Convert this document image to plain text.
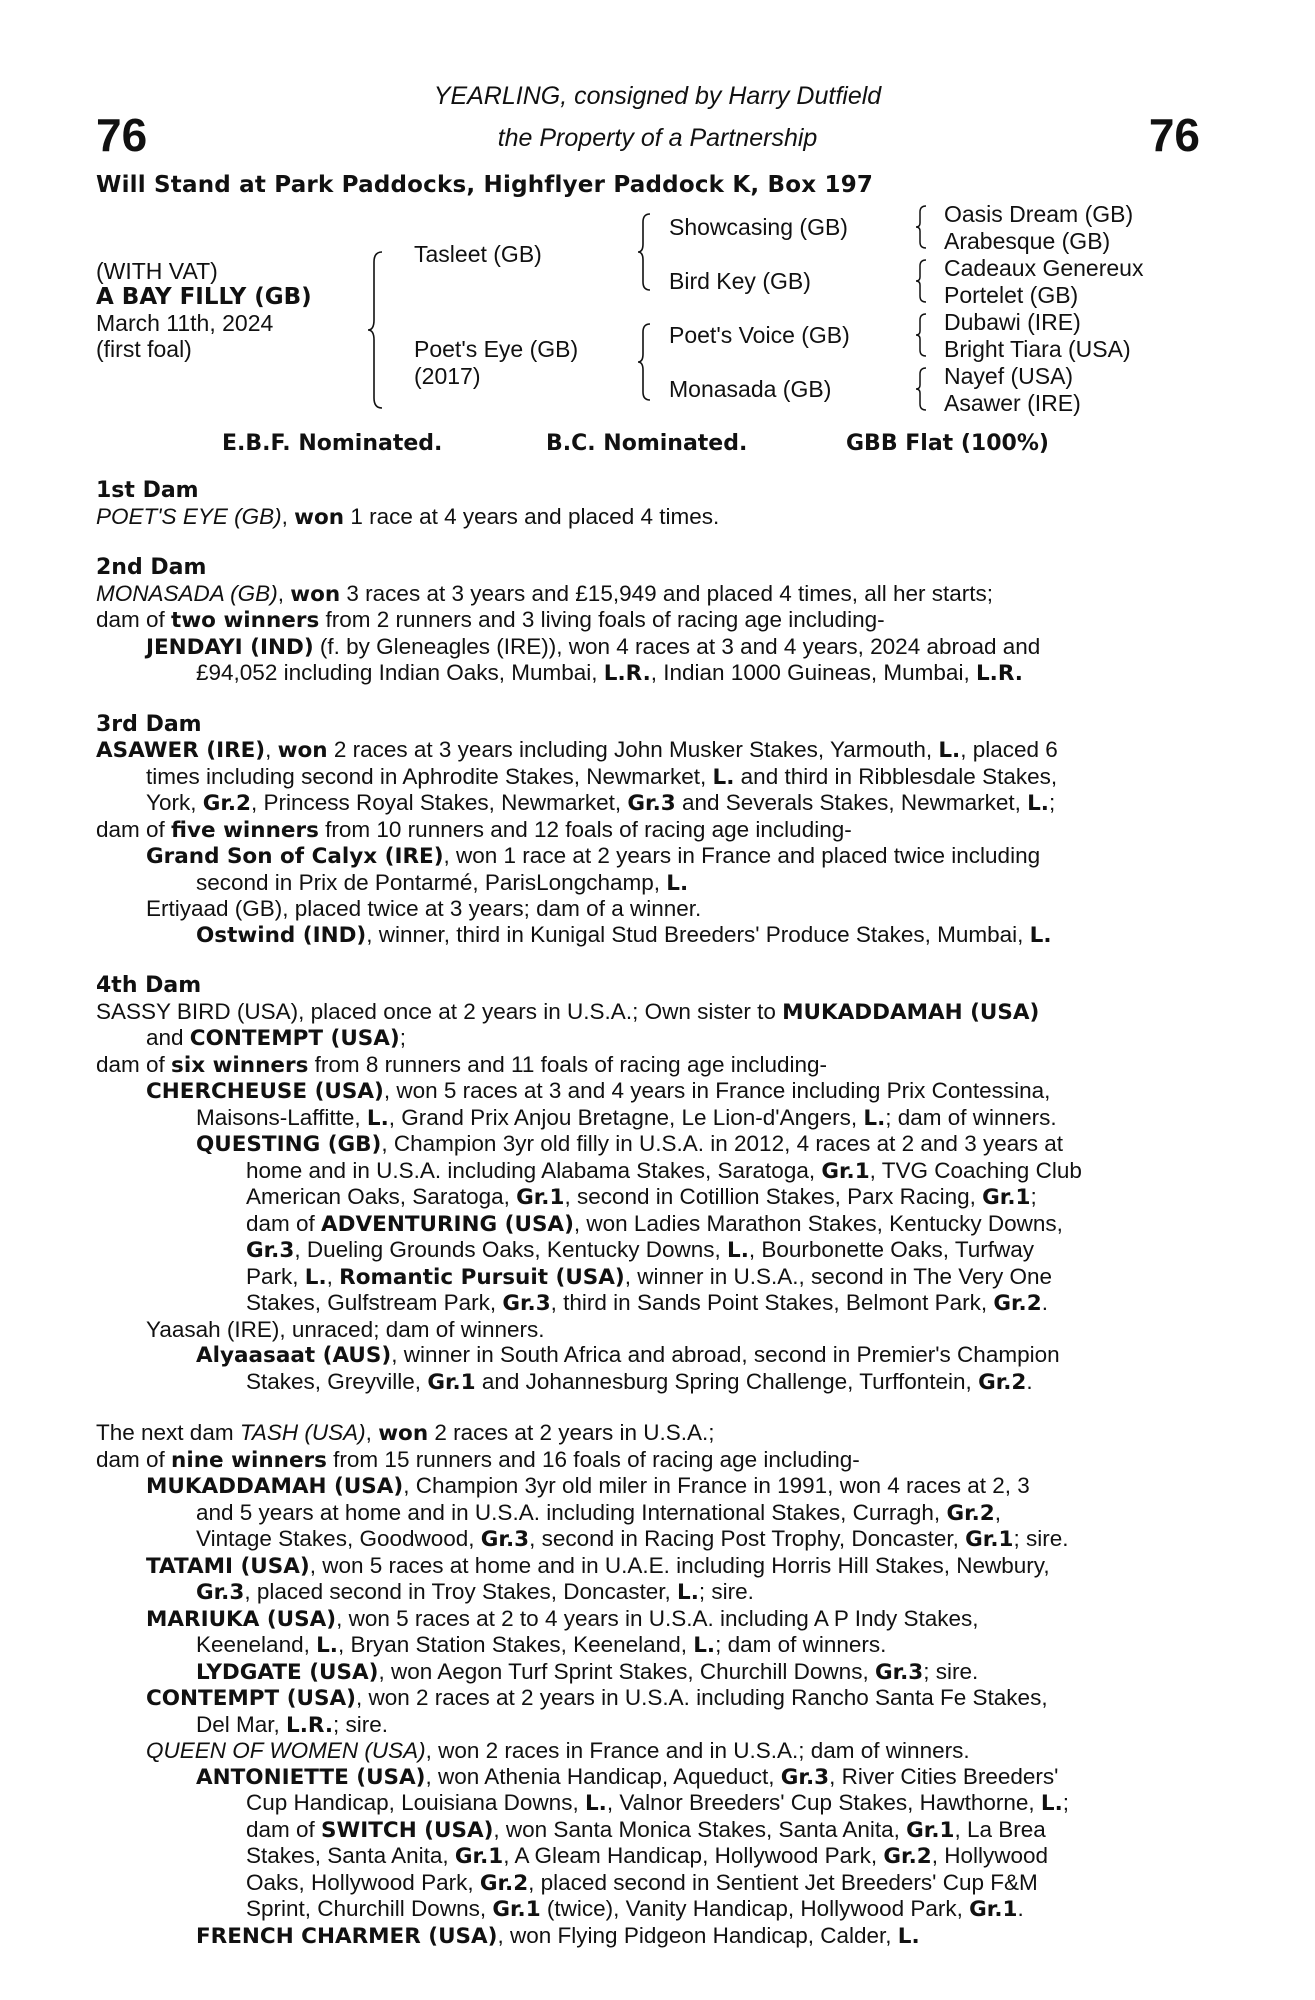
76	76
YEARLING, consigned by Harry Dutfield
the Property of a Partnership
Will Stand at Park Paddocks, Highflyer Paddock K, Box 197
(WITH VAT)
A BAY FILLY (GB)
March 11th, 2024
(first foal)
Tasleet (GB)
Poet's Eye (GB)
(2017)
Showcasing (GB)
Bird Key (GB)
Poet's Voice (GB)
Monasada (GB)
Oasis Dream (GB)
Arabesque (GB)
Cadeaux Genereux
Portelet (GB)
Dubawi (IRE)
Bright Tiara (USA)
Nayef (USA)
Asawer (IRE)
E.B.F. Nominated.	B.C. Nominated.	GBB Flat (100%)
1st Dam
POET'S EYE (GB), won 1 race at 4 years and placed 4 times.
2nd Dam
MONASADA (GB), won 3 races at 3 years and £15,949 and placed 4 times, all her starts;
dam of two winners from 2 runners and 3 living foals of racing age including-
JENDAYI (IND) (f. by Gleneagles (IRE)), won 4 races at 3 and 4 years, 2024 abroad and
£94,052 including Indian Oaks, Mumbai, L.R., Indian 1000 Guineas, Mumbai, L.R.
3rd Dam
ASAWER (IRE), won 2 races at 3 years including John Musker Stakes, Yarmouth, L., placed 6
times including second in Aphrodite Stakes, Newmarket, L. and third in Ribblesdale Stakes,
York, Gr.2, Princess Royal Stakes, Newmarket, Gr.3 and Severals Stakes, Newmarket, L.;
dam of five winners from 10 runners and 12 foals of racing age including-
Grand Son of Calyx (IRE), won 1 race at 2 years in France and placed twice including
second in Prix de Pontarmé, ParisLongchamp, L.
Ertiyaad (GB), placed twice at 3 years; dam of a winner.
Ostwind (IND), winner, third in Kunigal Stud Breeders' Produce Stakes, Mumbai, L.
4th Dam
SASSY BIRD (USA), placed once at 2 years in U.S.A.; Own sister to MUKADDAMAH (USA)
and CONTEMPT (USA);
dam of six winners from 8 runners and 11 foals of racing age including-
CHERCHEUSE (USA), won 5 races at 3 and 4 years in France including Prix Contessina,
Maisons-Laffitte, L., Grand Prix Anjou Bretagne, Le Lion-d'Angers, L.; dam of winners.
QUESTING (GB), Champion 3yr old filly in U.S.A. in 2012, 4 races at 2 and 3 years at
home and in U.S.A. including Alabama Stakes, Saratoga, Gr.1, TVG Coaching Club
American Oaks, Saratoga, Gr.1, second in Cotillion Stakes, Parx Racing, Gr.1;
dam of ADVENTURING (USA), won Ladies Marathon Stakes, Kentucky Downs,
Gr.3, Dueling Grounds Oaks, Kentucky Downs, L., Bourbonette Oaks, Turfway
Park, L., Romantic Pursuit (USA), winner in U.S.A., second in The Very One
Stakes, Gulfstream Park, Gr.3, third in Sands Point Stakes, Belmont Park, Gr.2.
Yaasah (IRE), unraced; dam of winners.
Alyaasaat (AUS), winner in South Africa and abroad, second in Premier's Champion
Stakes, Greyville, Gr.1 and Johannesburg Spring Challenge, Turffontein, Gr.2.
The next dam TASH (USA), won 2 races at 2 years in U.S.A.;
dam of nine winners from 15 runners and 16 foals of racing age including-
MUKADDAMAH (USA), Champion 3yr old miler in France in 1991, won 4 races at 2, 3
and 5 years at home and in U.S.A. including International Stakes, Curragh, Gr.2,
Vintage Stakes, Goodwood, Gr.3, second in Racing Post Trophy, Doncaster, Gr.1; sire.
TATAMI (USA), won 5 races at home and in U.A.E. including Horris Hill Stakes, Newbury,
Gr.3, placed second in Troy Stakes, Doncaster, L.; sire.
MARIUKA (USA), won 5 races at 2 to 4 years in U.S.A. including A P Indy Stakes,
Keeneland, L., Bryan Station Stakes, Keeneland, L.; dam of winners.
LYDGATE (USA), won Aegon Turf Sprint Stakes, Churchill Downs, Gr.3; sire.
CONTEMPT (USA), won 2 races at 2 years in U.S.A. including Rancho Santa Fe Stakes,
Del Mar, L.R.; sire.
QUEEN OF WOMEN (USA), won 2 races in France and in U.S.A.; dam of winners.
ANTONIETTE (USA), won Athenia Handicap, Aqueduct, Gr.3, River Cities Breeders'
Cup Handicap, Louisiana Downs, L., Valnor Breeders' Cup Stakes, Hawthorne, L.;
dam of SWITCH (USA), won Santa Monica Stakes, Santa Anita, Gr.1, La Brea
Stakes, Santa Anita, Gr.1, A Gleam Handicap, Hollywood Park, Gr.2, Hollywood
Oaks, Hollywood Park, Gr.2, placed second in Sentient Jet Breeders' Cup F&M
Sprint, Churchill Downs, Gr.1 (twice), Vanity Handicap, Hollywood Park, Gr.1.
FRENCH CHARMER (USA), won Flying Pidgeon Handicap, Calder, L.
